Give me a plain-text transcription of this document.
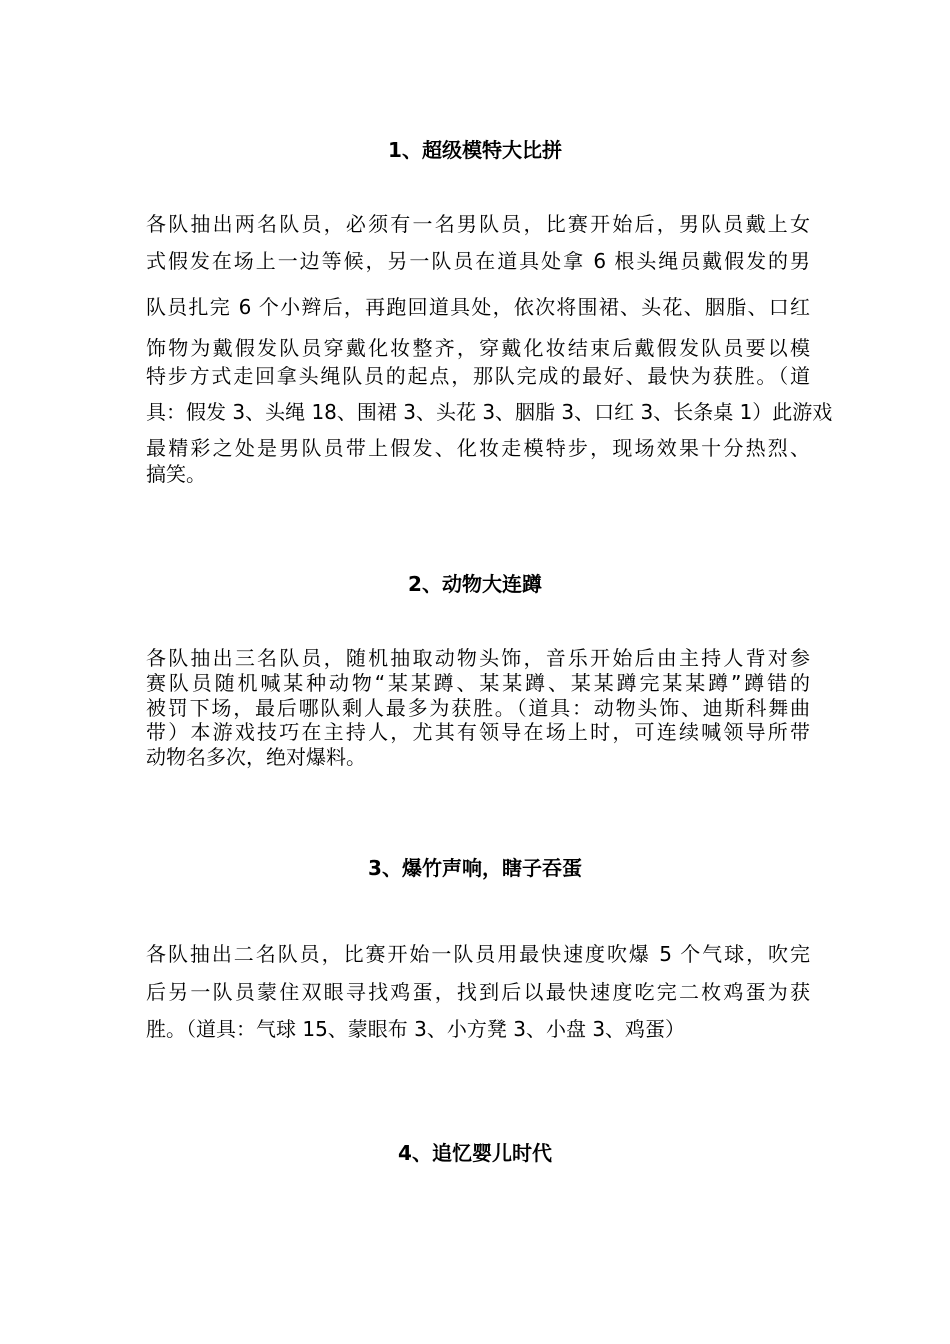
1、超级模特大比拼
各队抽出两名队员，必须有一名男队员，比赛开始后，男队员戴上女
式假发在场上一边等候，另一队员在道具处拿 6 根头绳员戴假发的男
队员扎完 6 个小辫后，再跑回道具处，依次将围裙、头花、胭脂、口红
饰物为戴假发队员穿戴化妆整齐，穿戴化妆结束后戴假发队员要以模
特步方式走回拿头绳队员的起点，那队完成的最好、最快为获胜。（道
具：假发 3、头绳 18、围裙 3、头花 3、胭脂 3、口红 3、长条桌 1）此游戏
最精彩之处是男队员带上假发、化妆走模特步，现场效果十分热烈、
搞笑。
2、动物大连蹲
各队抽出三名队员，随机抽取动物头饰，音乐开始后由主持人背对参
赛队员随机喊某种动物“某某蹲、某某蹲、某某蹲完某某蹲”蹲错的
被罚下场，最后哪队剩人最多为获胜。（道具：动物头饰、迪斯科舞曲
带）本游戏技巧在主持人，尤其有领导在场上时，可连续喊领导所带
动物名多次，绝对爆料。
3、爆竹声响，瞎子吞蛋
各队抽出二名队员，比赛开始一队员用最快速度吹爆 5 个气球，吹完
后另一队员蒙住双眼寻找鸡蛋，找到后以最快速度吃完二枚鸡蛋为获
胜。（道具：气球 15、蒙眼布 3、小方凳 3、小盘 3、鸡蛋）
4、追忆婴儿时代
